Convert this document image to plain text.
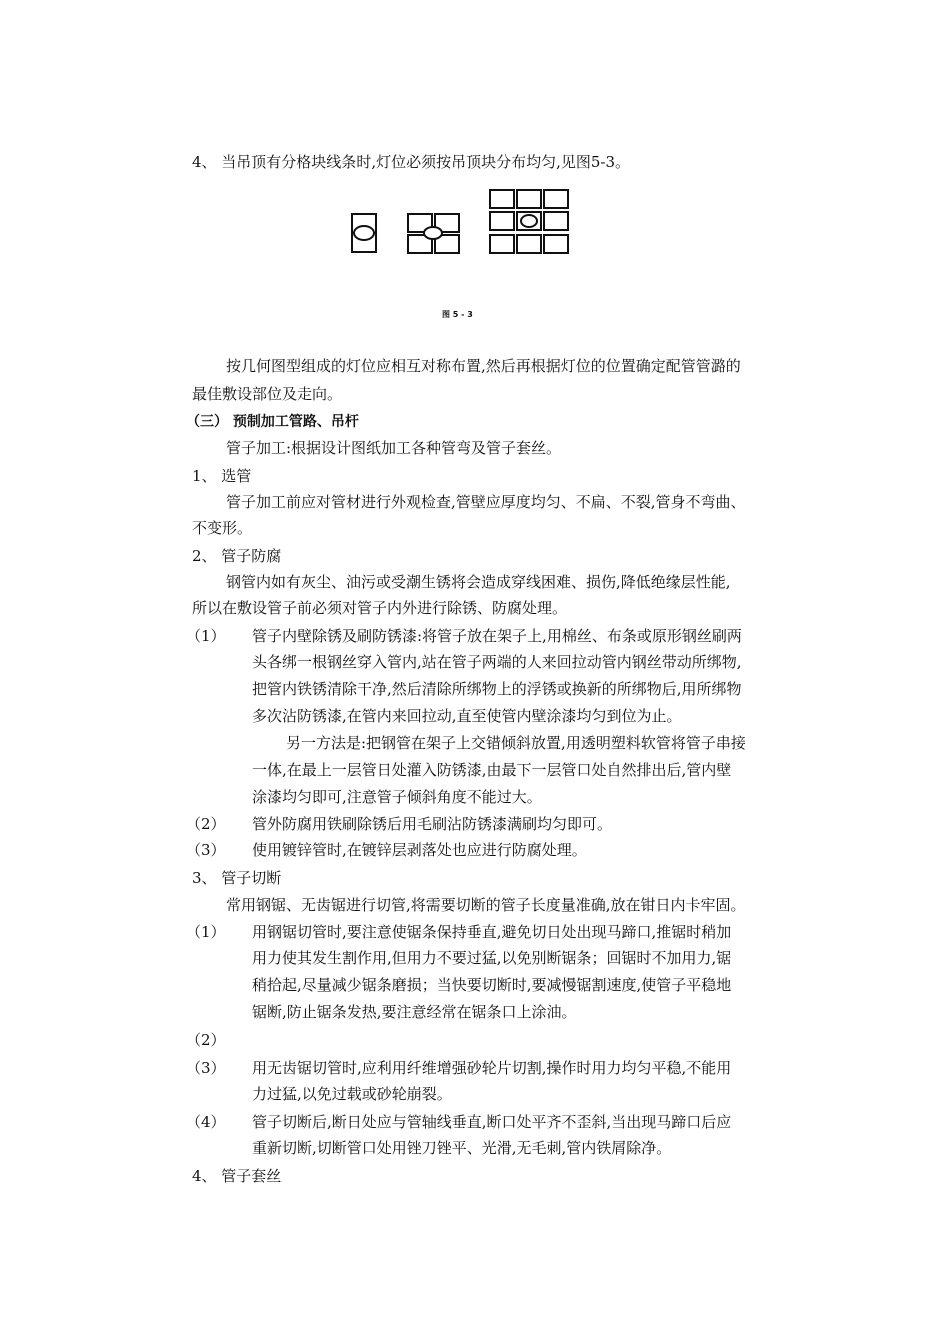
4、 当吊顶有分格块线条时,灯位必须按吊顶块分布均匀,见图5-3。
图 5 - 3
按几何图型组成的灯位应相互对称布置,然后再根据灯位的位置确定配管管潞的
最佳敷设部位及走向。
（三） 预制加工管路、吊杆
管子加工:根据设计图纸加工各种管弯及管子套丝。
1、 选管
管子加工前应对管材进行外观检查,管壁应厚度均匀、不扁、不裂,管身不弯曲、
不变形。
2、 管子防腐
钢管内如有灰尘、油污或受潮生锈将会造成穿线困难、损伤,降低绝缘层性能,
所以在敷设管子前必须对管子内外进行除锈、防腐处理。
（1） 管子内壁除锈及刷防锈漆:将管子放在架子上,用棉丝、布条或原形钢丝刷两
头各绑一根钢丝穿入管内,站在管子两端的人来回拉动管内钢丝带动所绑物,
把管内铁锈清除干净,然后清除所绑物上的浮锈或换新的所绑物后,用所绑物
多次沾防锈漆,在管内来回拉动,直至使管内壁涂漆均匀到位为止。
另一方法是:把钢管在架子上交错倾斜放置,用透明塑料软管将管子串接
一体,在最上一层管日处灌入防锈漆,由最下一层管口处自然排出后,管内壁
涂漆均匀即可,注意管子倾斜角度不能过大。
（2） 管外防腐用铁刷除锈后用毛刷沾防锈漆满刷均匀即可。
（3） 使用镀锌管时,在镀锌层剥落处也应进行防腐处理。
3、 管子切断
常用钢锯、无齿锯进行切管,将需要切断的管子长度量准确,放在钳日内卡牢固。
（1） 用钢锯切管时,要注意使锯条保持垂直,避免切日处出现马蹄口,推锯时稍加
用力使其发生割作用,但用力不要过猛,以免别断锯条；回锯时不加用力,锯
稍拾起,尽量减少锯条磨损；当快要切断时,要减慢锯割速度,使管子平稳地
锯断,防止锯条发热,要注意经常在锯条口上涂油。
（2）
（3） 用无齿锯切管时,应利用纤维增强砂轮片切割,操作时用力均匀平稳,不能用
力过猛,以免过载或砂轮崩裂。
（4） 管子切断后,断日处应与管轴线垂直,断口处平齐不歪斜,当出现马蹄口后应
重新切断,切断管口处用锉刀锉平、光滑,无毛刺,管内铁屑除净。
4、 管子套丝
